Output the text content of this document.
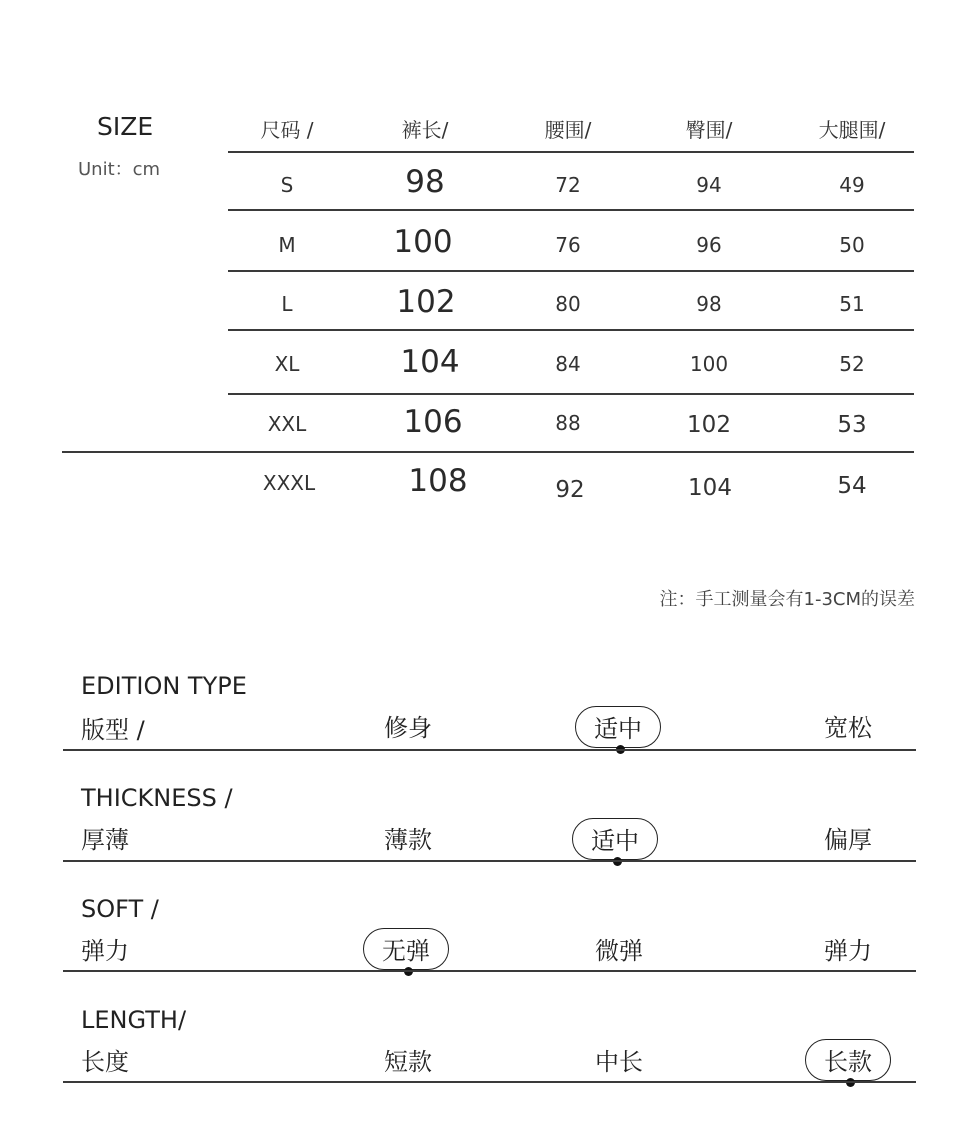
SIZE
Unit：cm
尺码 /	裤长/	腰围/	臀围/	大腿围/
S	98	72	94	49
M	100	76	96	50
L	102	80	98	51
XL	104	84	100	52
XXL	106	88	102	53
XXXL	108	92	104	54
注：手工测量会有1-3CM的误差
EDITION TYPE
版型 /	修身	适中	宽松
THICKNESS /
厚薄	薄款	适中	偏厚
SOFT /
弹力	无弹	微弹	弹力
LENGTH/
长度	短款	中长	长款
